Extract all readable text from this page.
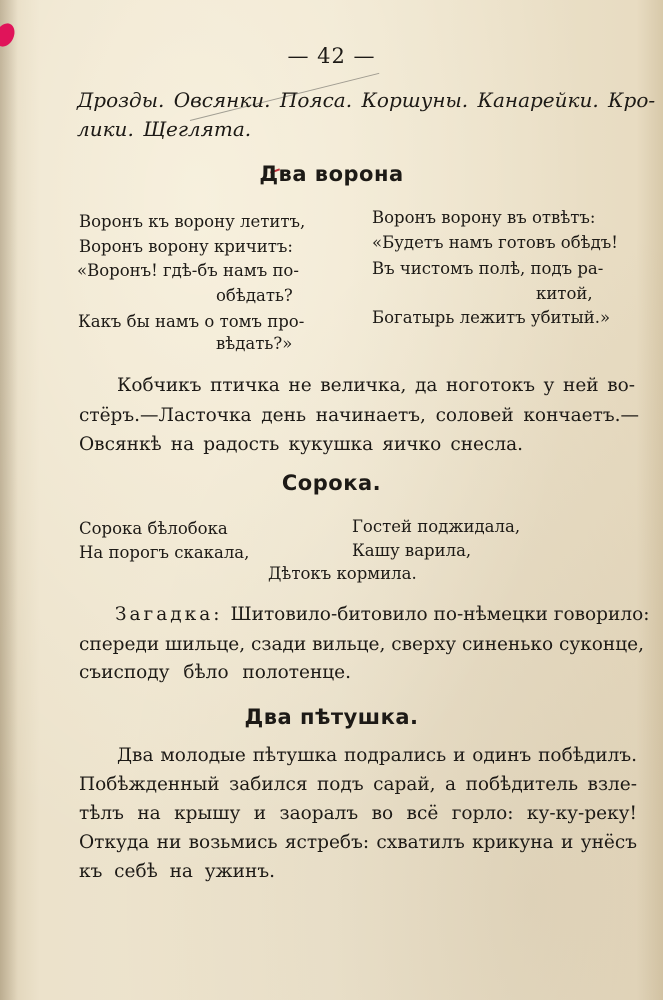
— 42 —
Дрозды. Овсянки. Пояса. Коршуны. Канарейки. Кро-
лики. Щеглята.
Два ворона
Воронъ къ ворону летитъ,
Воронъ ворону кричитъ:
«Воронъ! гдѣ-бъ намъ по-
обѣдать?
Какъ бы намъ о томъ про-
вѣдать?»
Воронъ ворону въ отвѣтъ:
«Будетъ намъ готовъ обѣдъ!
Въ чистомъ полѣ, подъ ра-
китой,
Богатырь лежитъ убитый.»
Кобчикъ птичка не величка, да ноготокъ у ней во-
стёръ.—Ласточка день начинаетъ, соловей кончаетъ.—
Овсянкѣ на радость кукушка яичко снесла.
Сорока.
Сорока бѣлобока
На порогъ скакала,
Гостей поджидала,
Кашу варила,
Дѣтокъ кормила.
Загадка: Шитовило-битовило по-нѣмецки говорило:
спереди шильце, сзади вильце, сверху синенько суконце,
съисподу бѣло полотенце.
Два пѣтушка.
Два молодые пѣтушка подрались и одинъ побѣдилъ.
Побѣжденный забился подъ сарай, а побѣдитель взле-
тѣлъ на крышу и заоралъ во всё горло: ку-ку-реку!
Откуда ни возьмись ястребъ: схватилъ крикуна и унёсъ
къ себѣ на ужинъ.
